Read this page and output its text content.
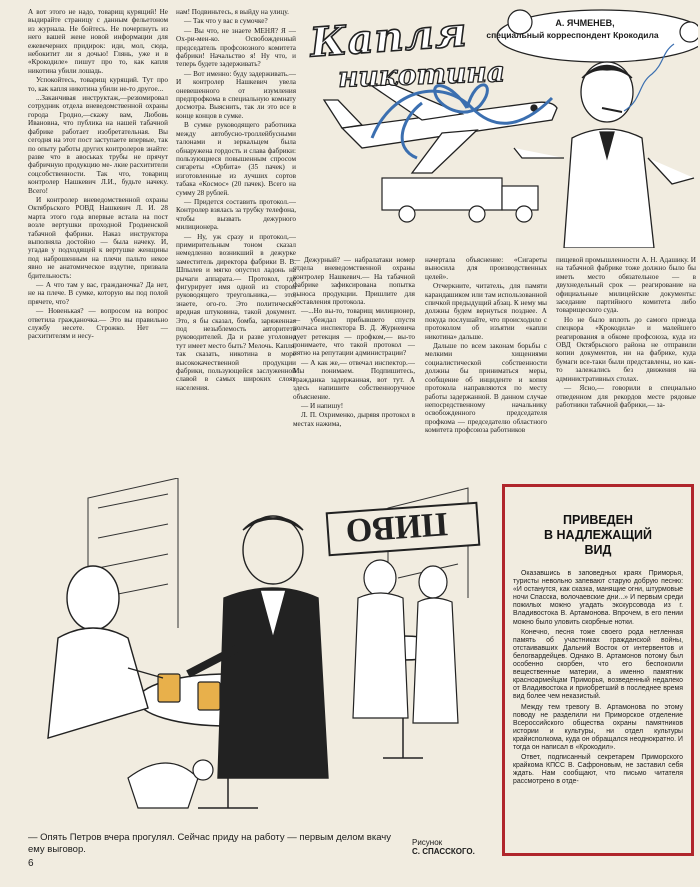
А вот этого не надо, товарищ курящий! Не выдирайте страницу с данным фельетоном из журнала. Не бойтесь. Не почерпнуть из него вашей жене новой информации для ежевечерних придирок: иди, мол, сюда, небокитит ли я дочью! Глянь, уже и в «Крокодиле» пишут про то, как капля никотина убили лошадь.

Успокойтесь, товарищ курящий. Тут про то, как капля никотина убили не-то другое...

...Заканчивая инструктаж,—резюмировал сотрудник отдела вневедомственной охраны города Гродно,—скажу вам, Любовь Ивановна, что публика на нашей табачной фабрике работает изобретательная. Вы сегодня на этот пост заступаете впервые, так по опыту работы других контролеров знайте: разве что в авоськах трубы не прячут фабричную продукцию ме- лкие расхитители соцсобственности. Так что, товарищ контролер Нашкевич Л.И., будьте начеку. Всего!

И контролер вневедомственной охраны Октябрьского РОВД Нашкевич Л. И. 28 марта этого года впервые встала на пост возле вертушки проходной Гродненской табачной фабрики. Наказ инструктора выполняла достойно — была начеку. И, угадав у подходящей к вертушке женщины под наброшенным на плечи пальто некое явно не анатомическое вздутие, призвала бдительность:

— А что там у вас, гражданочка? Да нет, не на плече. В сумке, которую вы под полой прячете, что?

— Новенькая? — вопросом на вопрос ответила гражданочка.— Это вы правильно службу несете. Строжко. Нет — расхитителям и несу-

нам! Подвиньтесь, я выйду на улицу.

— Так что у вас в сумочке?

— Вы что, не знаете МЕНЯ? Я — Ох-ри-мен-ко. Освобожденный председатель профсоюзного комитета фабрики! Начальство я! Ну что, и теперь будете задерживать?

— Вот именно: буду задерживать.— И контролер Нашкевич увела оневешенного от изумления предпрофкома в специальную комнату досмотра. Выяснить, так ли это все в конце концов в сумке.

В сумке руководящего работника между автобусно-троллейбусными талонами и зеркальцем была обнаружена гордость и слава фабрики: пользующиеся повышенным спросом сигареты «Орбита» (35 пачек) и изготовленные из лучших сортов табака «Космос» (20 пачек). Всего на сумму 28 рублей.

— Придется составить протокол.— Контролер взялась за трубку телефона, чтобы вызвать дежурного милиционера.

— Ну, уж сразу и протокол,— примирительным тоном сказал немедленно возникший в дежурке заместитель директора фабрики В. В. Шпылев и мягко опустил ладонь на рычаги аппарата.— Протокол, где фигурирует имя одной из сторон руководящего треугольника,— это, знаете, ого-го. Это политически вредная штуковина, такой документ. Это, я бы сказал, бомба, заряженная под незыблемость авторитета руководителей. Да и разве уголовно тут имеет место быть? Мелочь. Капля, так сказать, никотина в море высококачественной продукции фабрики, пользующейся заслуженной славой в самых широких слоях населения.

Капля
никотина
А. ЯЧМЕНЕВ,
специальный корреспондент Крокодила

— Дежурный? — набралатаки номер отдела вневедомственной охраны контролер Нашкевич.— На табачной фабрике зафиксирована попытка выноса продукции. Пришлите для составления протокола.

—...Но вы-то, товарищ милиционер,— убеждал прибывшего спустя полчаса инспектора В. Д. Журневича дует ретекция — профком,— вы-то понимаете, что такой протокол — пятно на репутации администрации?

— А как же,— отвечал инспектор.— Мы понимаем. Подпишитесь, гражданка задержанная, вот тут. А здесь напишите собственноручное объяснение.

— И напишу!

Л. П. Охрименко, дырявя протокол в местах нажима,

начертала объяснение: «Сигареты выносила для производственных целей».

Отчеркните, читатель, для памяти карандашиком или там использованной спичкой предыдущий абзац. К нему мы должны будем вернуться позднее. А покуда послушайте, что происходило с протоколом об изъятии «капли никотина» дальше.

Дальше по всем законам борьбы с мелкими хищениями социалистической собственности должны бы приниматься меры, сообщение об инциденте и копия протокола направляются по месту работы задержанной. В данном случае непосредственному начальнику освобожденного председателя профкома — председателю областного комитета профсоюза работников

пищевой промышленности А. Н. Адашику. И на табачной фабрике тоже должно было бы иметь место обязательное — в двухнедельный срок — реагирование на официальные милицейские документы: заседание партийного комитета либо товарищеского суда.

Но не было вплоть до самого приезда спецкора «Крокодила» и малейшего реагирования в обкоме профсоюза, куда из ОВД Октябрьского района не отправили копии документов, ни на фабрике, куда бумаги все-таки были представлены, но как-то залежались без движения на административных столах.

— Ясно,— говорили в специально отведенном для рекордов месте рядовые работники табачной фабрики,— за-

ПИВО
— Опять Петров вчера прогулял. Сейчас приду на работу — первым делом вкачу ему выговор.
Рисунок
С. СПАССКОГО.
6
ПРИВЕДЕН
В НАДЛЕЖАЩИЙ
ВИД

Оказавшись в заповедных краях Приморья, туристы невольно запевают старую добрую песню: «И останутся, как сказка, манящие огни, штурмовые ночи Спасска, волочаевские дни...» И первым среди пожилых можно угадать экскурсовода из г. Владивостока В. Артамонова. Впрочем, в его пении можно было уловить скорбные нотки.

Конечно, песня тоже своего рода нетленная память об участниках гражданской войны, отстаивавших Дальний Восток от интервентов и белогвардейцев. Однако В. Артамонов потому был особенно скорбен, что его беспокоили вещественные материи, а именно памятник красноармейцам Приморья, возведенный недалеко от Владивостока и приобретший в последнее время вид более чем неказистый.

Между тем тревогу В. Артамонова по этому поводу не разделили ни Приморское отделение Всероссийского общества охраны памятников истории и культуры, ни отдел культуры крайисполкома, куда он обращался неоднократно. И тогда он написал в «Крокодил».

Ответ, подписанный секретарем Приморского крайкома КПСС В. Сафроновым, не заставил себя ждать. Нам сообщают, что письмо читателя рассмотрено в отде-
